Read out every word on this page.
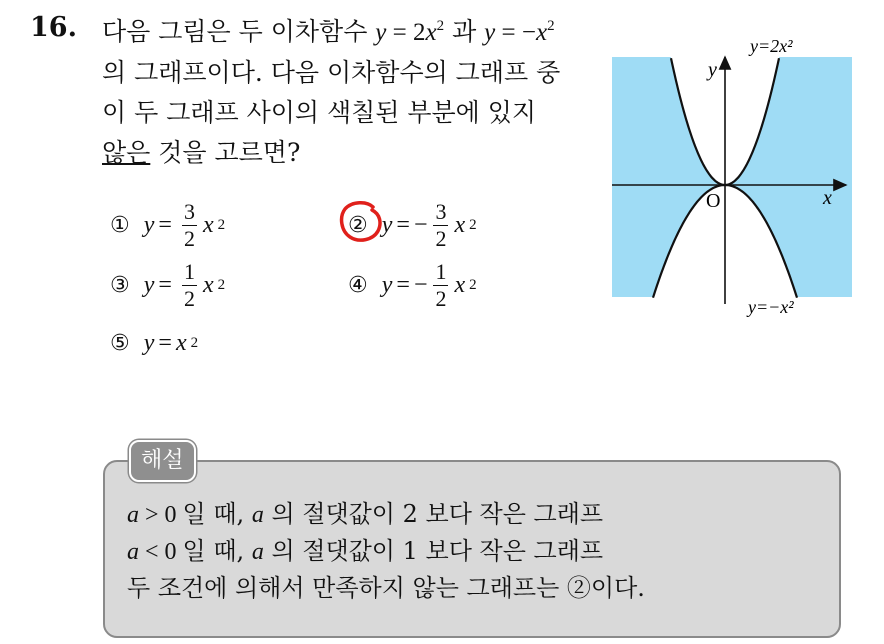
16. 다음 그림은 두 이차함수 $y = 2x^2$ 과 $y = -x^2$
의 그래프이다. 다음 이차함수의 그래프 중
이 두 그래프 사이의 색칠된 부분에 있지
않은 것을 고르면?
① $y = \frac{3}{2}$ x 2	② y = − $\frac{3}{2}$ x 2
③ $y = \frac{1}{2}$ x 2	④ y = − $\frac{1}{2}$ x 2
⑤ y = x 2
y
x
O
y=2x²
y=−x²
해설
a > 0 일 때, a 의 절댓값이 2 보다 작은 그래프
a < 0 일 때, a 의 절댓값이 1 보다 작은 그래프
두 조건에 의해서 만족하지 않는 그래프는 ②이다.
